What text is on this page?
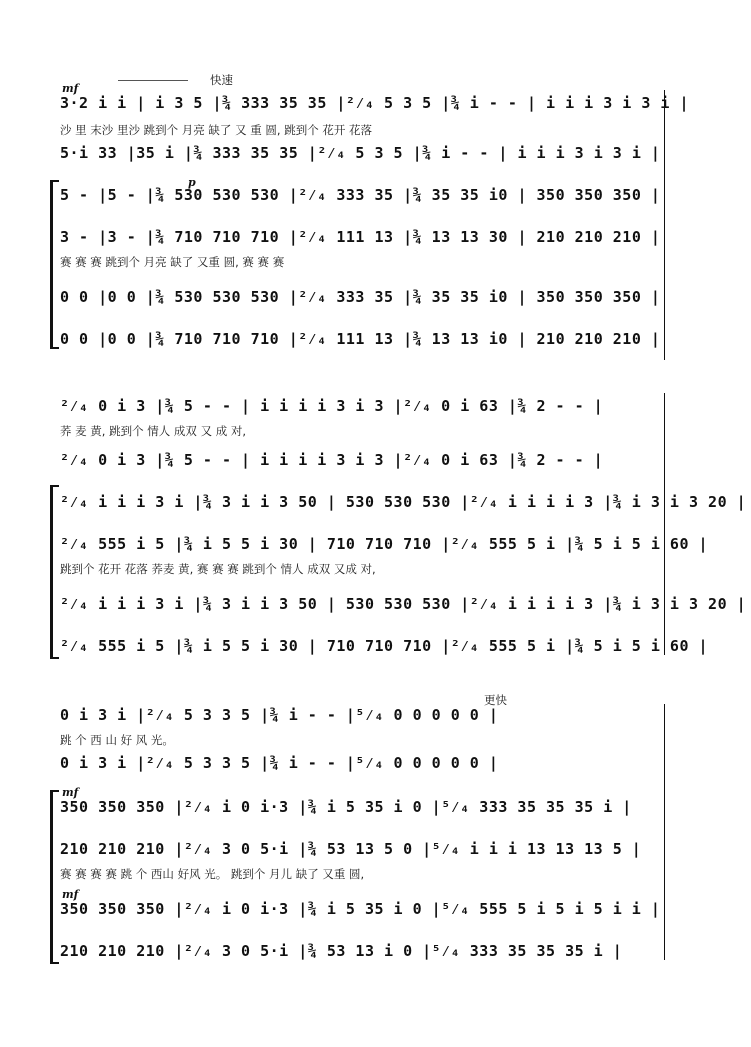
快速
mf
3·2 i i | i 3 5 |¾ 333 35 35 |²⁄₄ 5 3 5 |¾ i - - | i i i 3 i 3 i |
沙 里 末沙 里沙 跳到个 月亮 缺了 又 重 圆, 跳到个 花开 花落
5·i 33 |35 i |¾ 333 35 35 |²⁄₄ 5 3 5 |¾ i - - | i i i 3 i 3 i |
p
5 - |5 - |¾ 530 530 530 |²⁄₄ 333 35 |¾ 35 35 i0 | 350 350 350 |
3 - |3 - |¾ 710 710 710 |²⁄₄ 111 13 |¾ 13 13 30 | 210 210 210 |
赛 赛 赛 跳到个 月亮 缺了 又重 圆, 赛 赛 赛
0 0 |0 0 |¾ 530 530 530 |²⁄₄ 333 35 |¾ 35 35 i0 | 350 350 350 |
0 0 |0 0 |¾ 710 710 710 |²⁄₄ 111 13 |¾ 13 13 i0 | 210 210 210 |
²⁄₄ 0 i 3 |¾ 5 - - | i i i i 3 i 3 |²⁄₄ 0 i 63 |¾ 2 - - |
荞 麦 黄, 跳到个 情人 成双 又 成 对,
²⁄₄ 0 i 3 |¾ 5 - - | i i i i 3 i 3 |²⁄₄ 0 i 63 |¾ 2 - - |
²⁄₄ i i i 3 i |¾ 3 i i 3 50 | 530 530 530 |²⁄₄ i i i i 3 |¾ i 3 i 3 20 |
²⁄₄ 555 i 5 |¾ i 5 5 i 30 | 710 710 710 |²⁄₄ 555 5 i |¾ 5 i 5 i 60 |
跳到个 花开 花落 荞麦 黄, 赛 赛 赛 跳到个 情人 成双 又成 对,
²⁄₄ i i i 3 i |¾ 3 i i 3 50 | 530 530 530 |²⁄₄ i i i i 3 |¾ i 3 i 3 20 |
²⁄₄ 555 i 5 |¾ i 5 5 i 30 | 710 710 710 |²⁄₄ 555 5 i |¾ 5 i 5 i 60 |
更快
0 i 3 i |²⁄₄ 5 3 3 5 |¾ i - - |⁵⁄₄ 0 0 0 0 0 |
跳 个 西 山 好 风 光。
0 i 3 i |²⁄₄ 5 3 3 5 |¾ i - - |⁵⁄₄ 0 0 0 0 0 |
mf
350 350 350 |²⁄₄ i 0 i·3 |¾ i 5 35 i 0 |⁵⁄₄ 333 35 35 35 i |
210 210 210 |²⁄₄ 3 0 5·i |¾ 53 13 5 0 |⁵⁄₄ i i i 13 13 13 5 |
赛 赛 赛 赛 跳 个 西山 好风 光。 跳到个 月儿 缺了 又重 圆,
mf
350 350 350 |²⁄₄ i 0 i·3 |¾ i 5 35 i 0 |⁵⁄₄ 555 5 i 5 i 5 i i |
210 210 210 |²⁄₄ 3 0 5·i |¾ 53 13 i 0 |⁵⁄₄ 333 35 35 35 i |
